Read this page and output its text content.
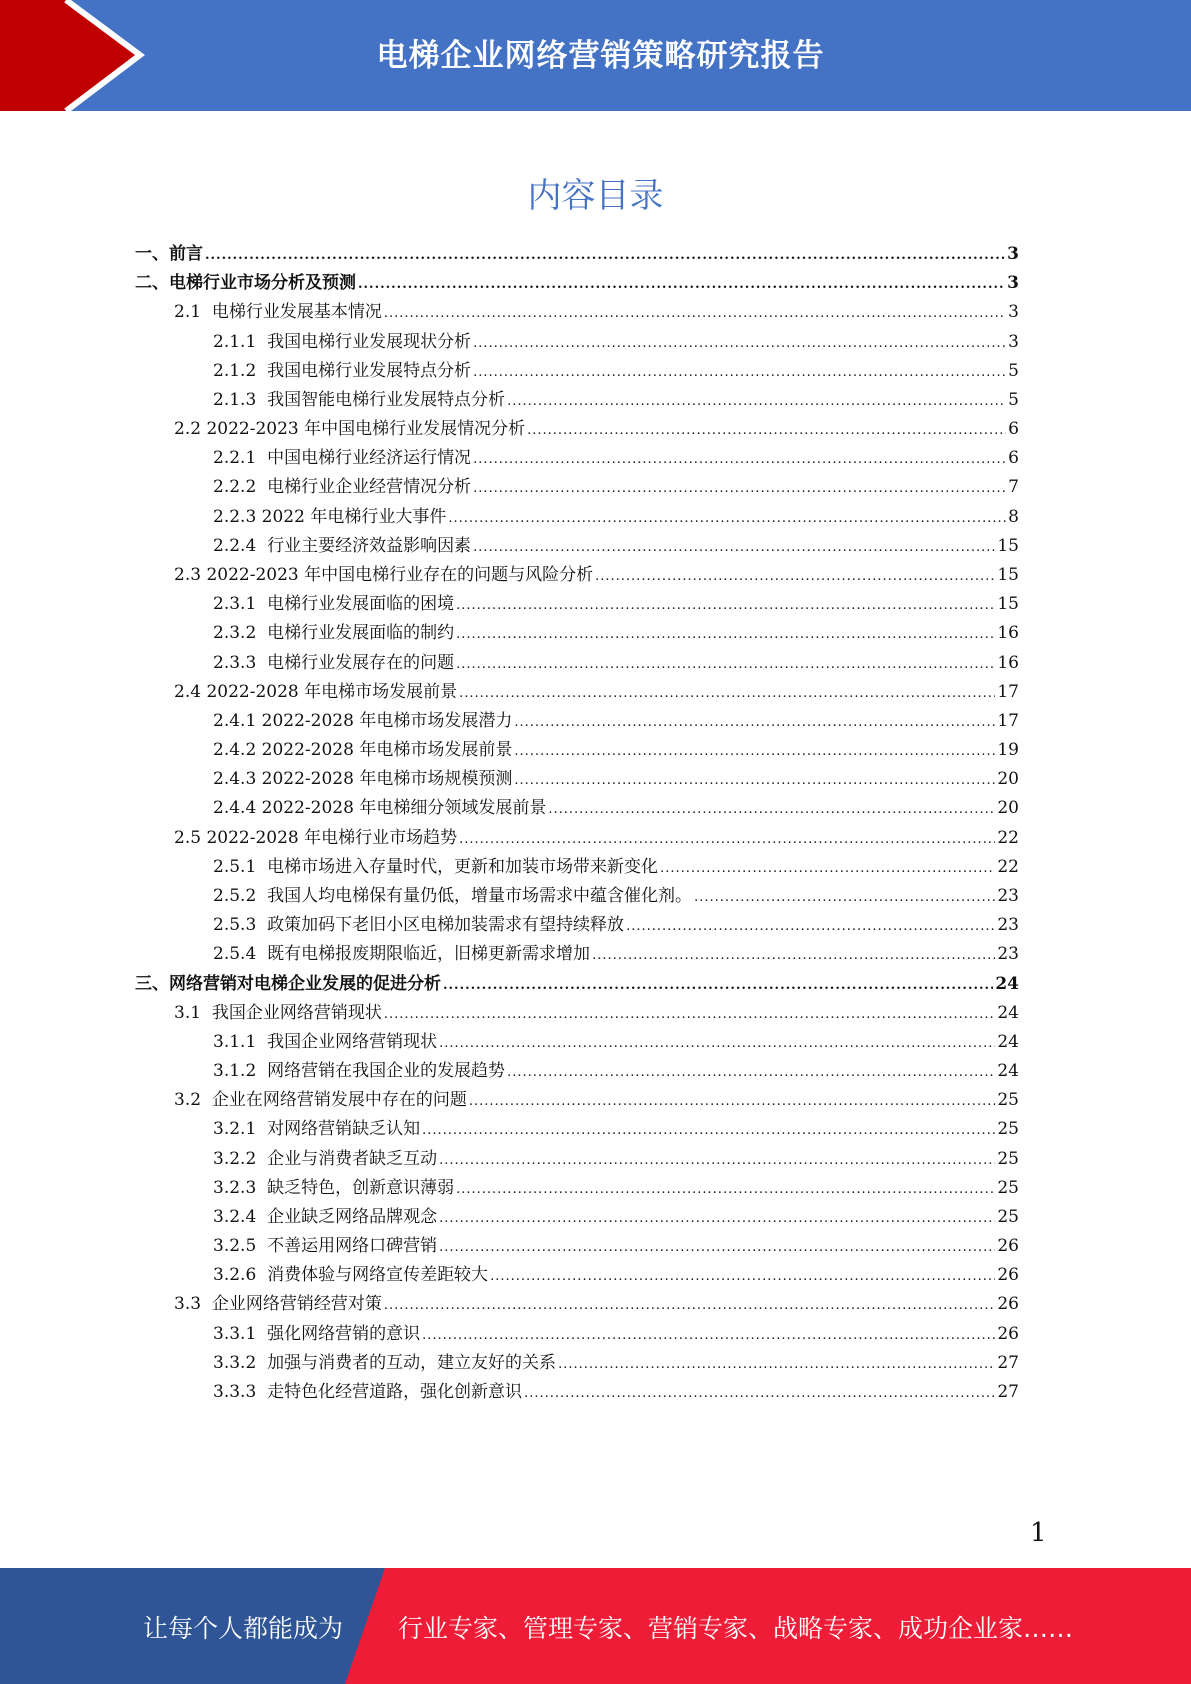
电梯企业网络营销策略研究报告
内容目录
一、前言 .....	3
二、电梯行业市场分析及预测 .....	3
2.1  电梯行业发展基本情况 .....	3
2.1.1  我国电梯行业发展现状分析 .....	3
2.1.2  我国电梯行业发展特点分析 .....	5
2.1.3  我国智能电梯行业发展特点分析 .....	5
2.2 2022-2023 年中国电梯行业发展情况分析 .....	6
2.2.1  中国电梯行业经济运行情况 .....	6
2.2.2  电梯行业企业经营情况分析 .....	7
2.2.3 2022 年电梯行业大事件 .....	8
2.2.4  行业主要经济效益影响因素 .....	15
2.3 2022-2023 年中国电梯行业存在的问题与风险分析 .....	15
2.3.1  电梯行业发展面临的困境 .....	15
2.3.2  电梯行业发展面临的制约 .....	16
2.3.3  电梯行业发展存在的问题 .....	16
2.4 2022-2028 年电梯市场发展前景 .....	17
2.4.1 2022-2028 年电梯市场发展潜力 .....	17
2.4.2 2022-2028 年电梯市场发展前景 .....	19
2.4.3 2022-2028 年电梯市场规模预测 .....	20
2.4.4 2022-2028 年电梯细分领域发展前景 .....	20
2.5 2022-2028 年电梯行业市场趋势 .....	22
2.5.1  电梯市场进入存量时代，更新和加装市场带来新变化 .....	22
2.5.2  我国人均电梯保有量仍低，增量市场需求中蕴含催化剂。 .....	23
2.5.3  政策加码下老旧小区电梯加装需求有望持续释放 .....	23
2.5.4  既有电梯报废期限临近，旧梯更新需求增加 .....	23
三、网络营销对电梯企业发展的促进分析 .....	24
3.1  我国企业网络营销现状 .....	24
3.1.1  我国企业网络营销现状 .....	24
3.1.2  网络营销在我国企业的发展趋势 .....	24
3.2  企业在网络营销发展中存在的问题 .....	25
3.2.1  对网络营销缺乏认知 .....	25
3.2.2  企业与消费者缺乏互动 .....	25
3.2.3  缺乏特色，创新意识薄弱 .....	25
3.2.4  企业缺乏网络品牌观念 .....	25
3.2.5  不善运用网络口碑营销 .....	26
3.2.6  消费体验与网络宣传差距较大 .....	26
3.3  企业网络营销经营对策 .....	26
3.3.1  强化网络营销的意识 .....	26
3.3.2  加强与消费者的互动，建立友好的关系 .....	27
3.3.3  走特色化经营道路，强化创新意识 .....	27
1
让每个人都能成为 行业专家、管理专家、营销专家、战略专家、成功企业家……
